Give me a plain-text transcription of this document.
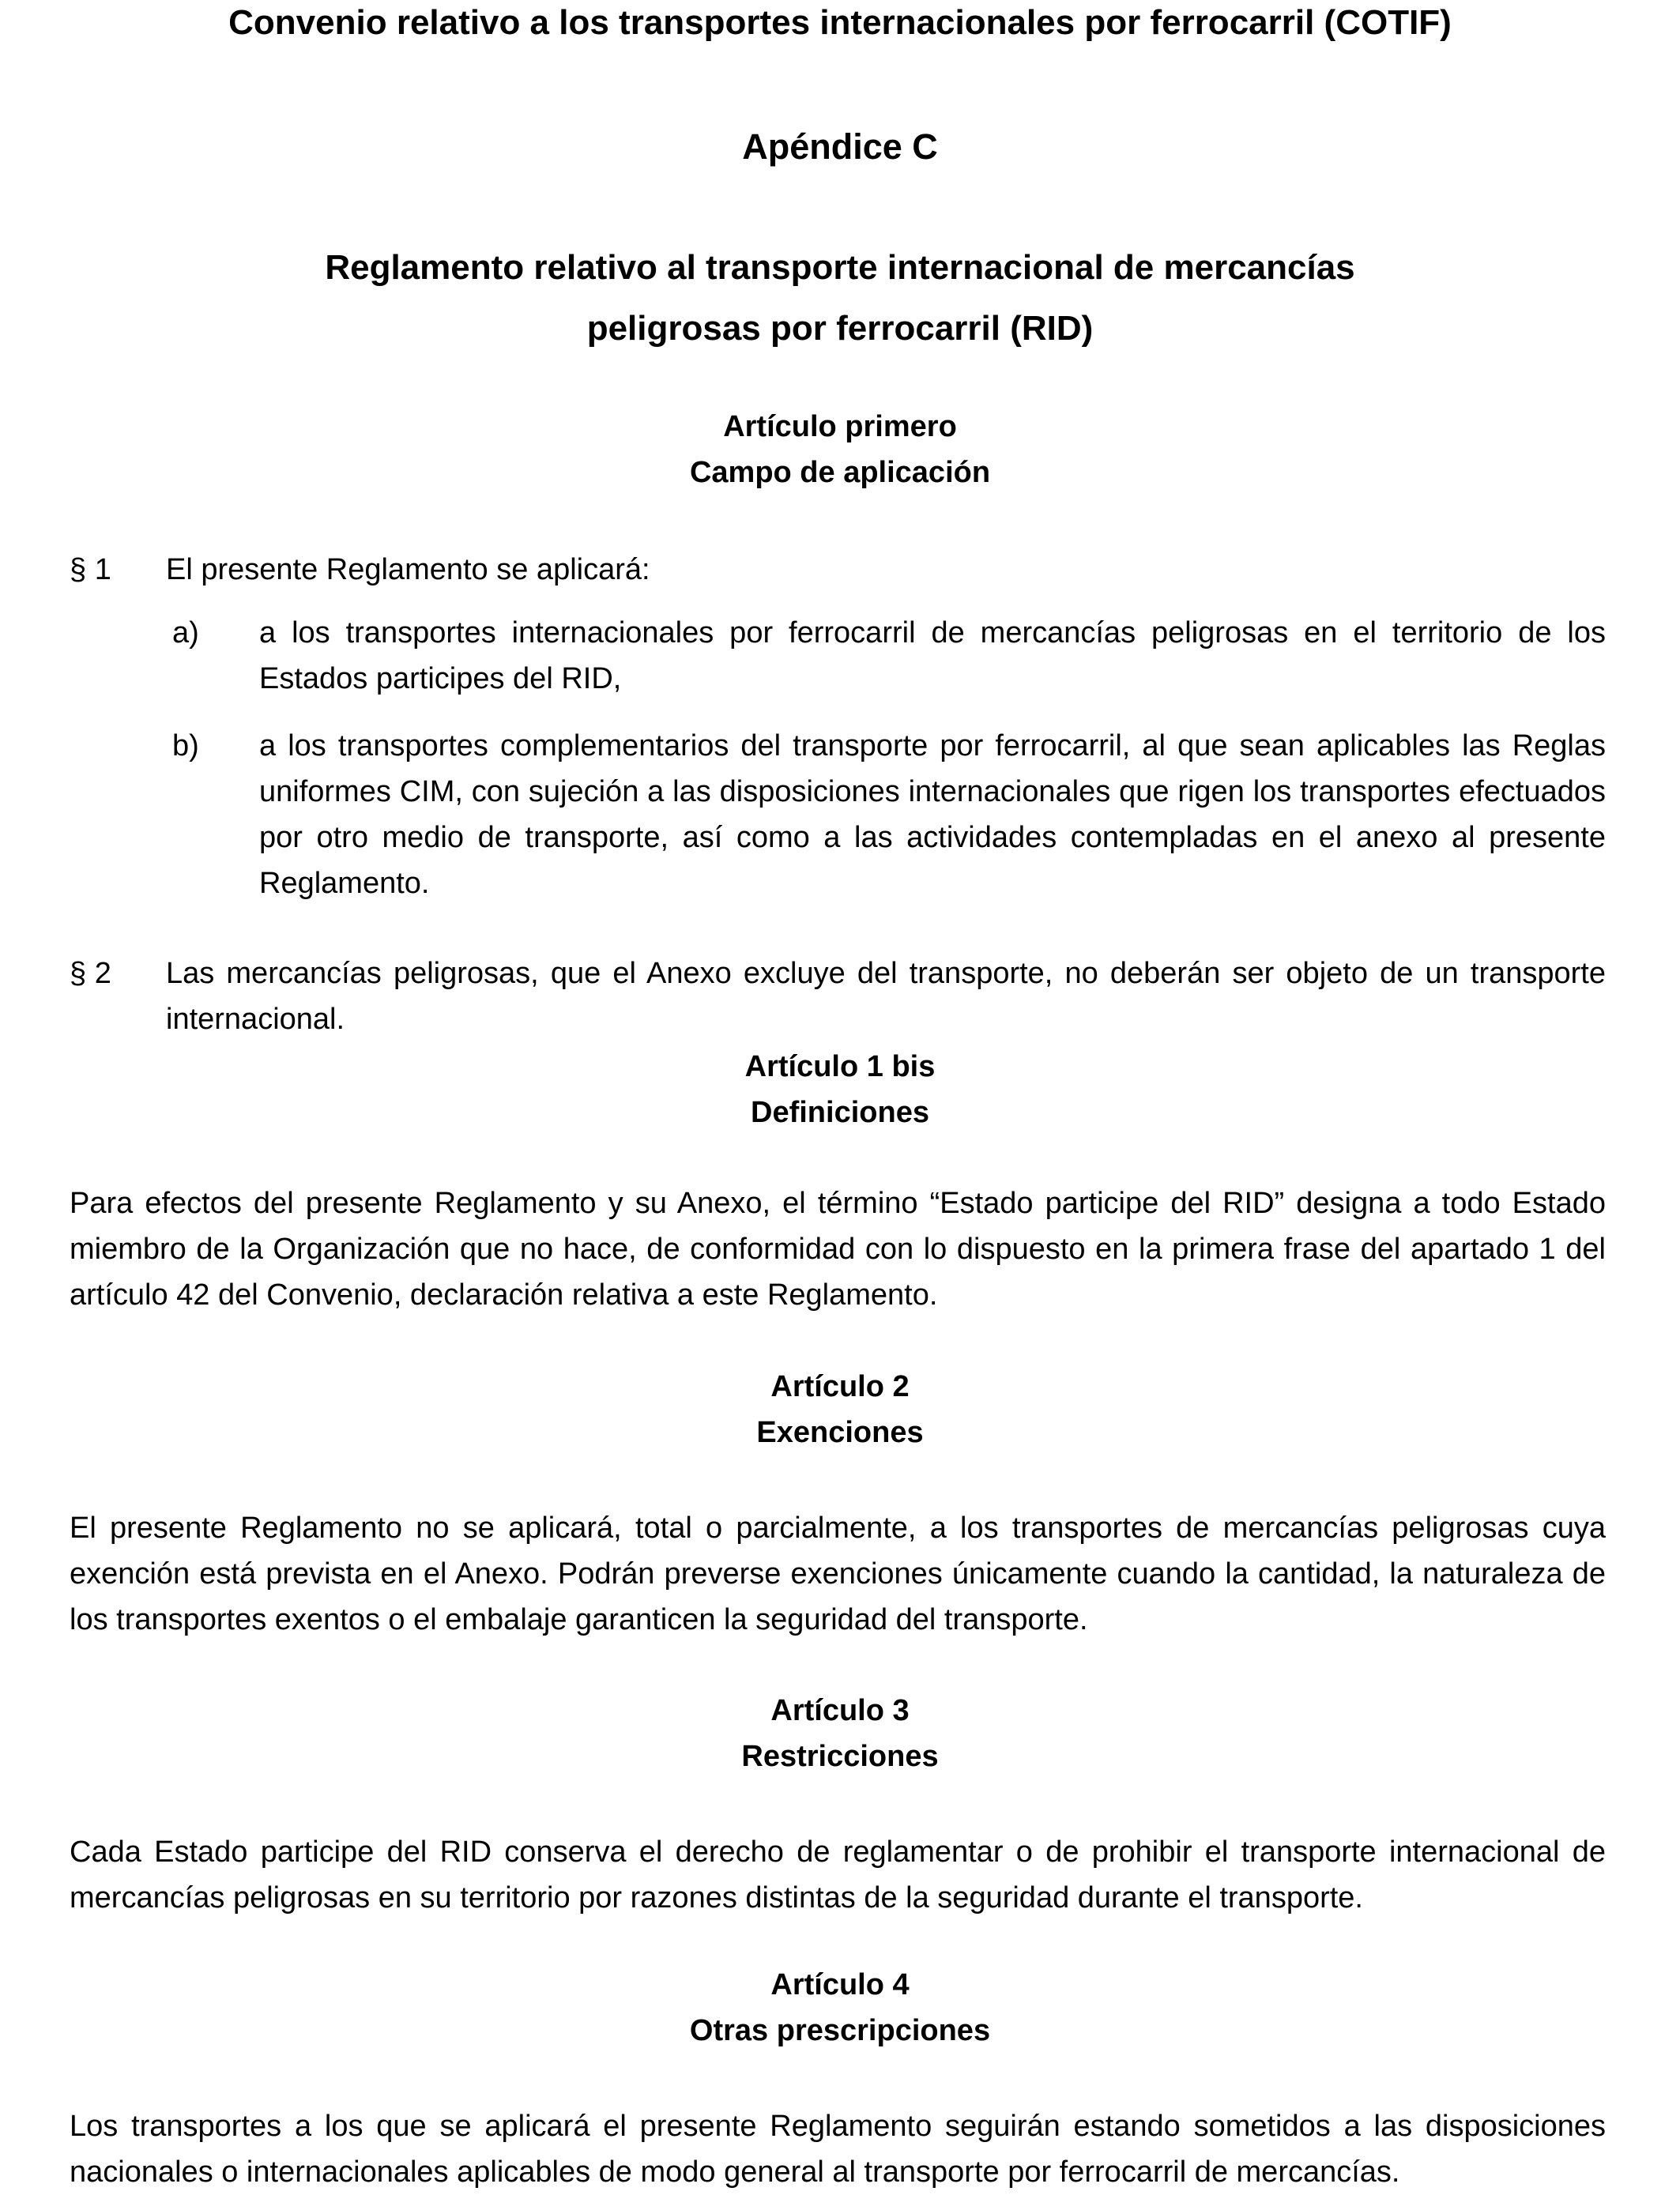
Convenio relativo a los transportes internacionales por ferrocarril (COTIF)
Apéndice C
Reglamento relativo al transporte internacional de mercancías
peligrosas por ferrocarril (RID)
Artículo primero
Campo de aplicación
§ 1 El presente Reglamento se aplicará:

a) a los transportes internacionales por ferrocarril de mercancías peligrosas en el territorio de los Estados participes del RID,

b) a los transportes complementarios del transporte por ferrocarril, al que sean aplicables las Reglas uniformes CIM, con sujeción a las disposiciones internacionales que rigen los transportes efectuados por otro medio de transporte, así como a las actividades contempladas en el anexo al presente Reglamento.

§ 2 Las mercancías peligrosas, que el Anexo excluye del transporte, no deberán ser objeto de un transporte internacional.

Artículo 1 bis
Definiciones

Para efectos del presente Reglamento y su Anexo, el término “Estado participe del RID” designa a todo Estado miembro de la Organización que no hace, de conformidad con lo dispuesto en la primera frase del apartado 1 del artículo 42 del Convenio, declaración relativa a este Reglamento.

Artículo 2
Exenciones

El presente Reglamento no se aplicará, total o parcialmente, a los transportes de mercancías peligrosas cuya exención está prevista en el Anexo. Podrán preverse exenciones únicamente cuando la cantidad, la naturaleza de los transportes exentos o el embalaje garanticen la seguridad del transporte.

Artículo 3
Restricciones

Cada Estado participe del RID conserva el derecho de reglamentar o de prohibir el transporte internacional de mercancías peligrosas en su territorio por razones distintas de la seguridad durante el transporte.

Artículo 4
Otras prescripciones

Los transportes a los que se aplicará el presente Reglamento seguirán estando sometidos a las disposiciones nacionales o internacionales aplicables de modo general al transporte por ferrocarril de mercancías.
